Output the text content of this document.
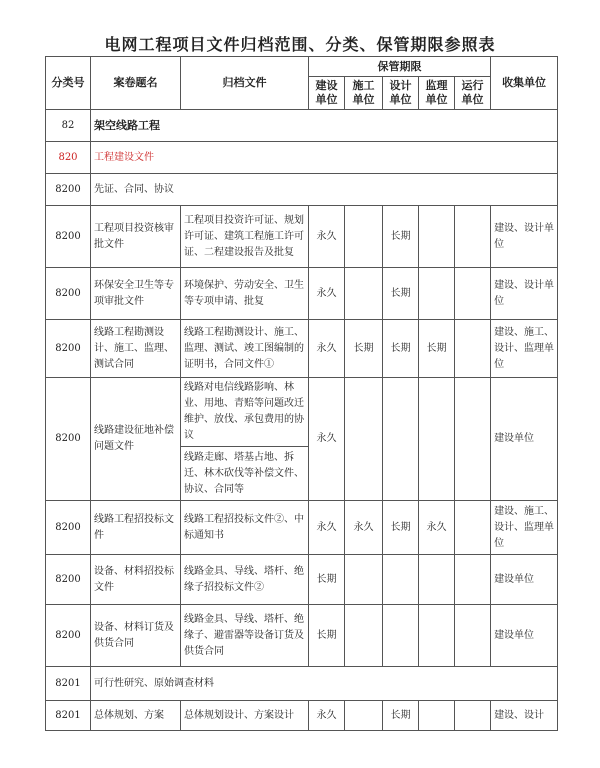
电网工程项目文件归档范围、分类、保管期限参照表
分类号	案卷题名	归档文件	保管期限					收集单位
			建设单位	施工单位	设计单位	监理单位	运行单位	
82	架空线路工程							
820	工程建设文件							
8200	先证、合同、协议							
8200	工程项目投资核审批文件	工程项目投资许可证、规划许可证、建筑工程施工许可证、二程建设报告及批复	永久		长期			建设、设计单位
8200	环保安全卫生等专项审批文件	环境保护、劳动安全、卫生等专项申请、批复	永久		长期			建设、设计单位
8200	线路工程勘测设计、施工、监理、测试合同	线路工程勘测设计、施工、监理、测试、竣工图编制的证明书，合同文件①	永久	长期	长期	长期		建设、施工、设计、监理单位
8200	线路建设征地补偿问题文件	线路对电信线路影响、林业、用地、青赔等问题改迁维护、放伐、承包费用的协议	永久					建设单位
		线路走廊、塔基占地、拆迁、林木砍伐等补偿文件、协议、合同等						
8200	线路工程招投标文件	线路工程招投标文件②、中标通知书	永久	永久	长期	永久		建设、施工、设计、监理单位
8200	设备、材料招投标文件	线路金具、导线、塔杆、绝缘子招投标文件②	长期					建设单位
8200	设备、材料订货及供货合同	线路金具、导线、塔杆、绝缘子、避雷器等设备订货及供货合同	长期					建设单位
8201	可行性研究、原始调查材料							
8201	总体规划、方案	总体规划设计、方案设计	永久		长期			建设、设计
